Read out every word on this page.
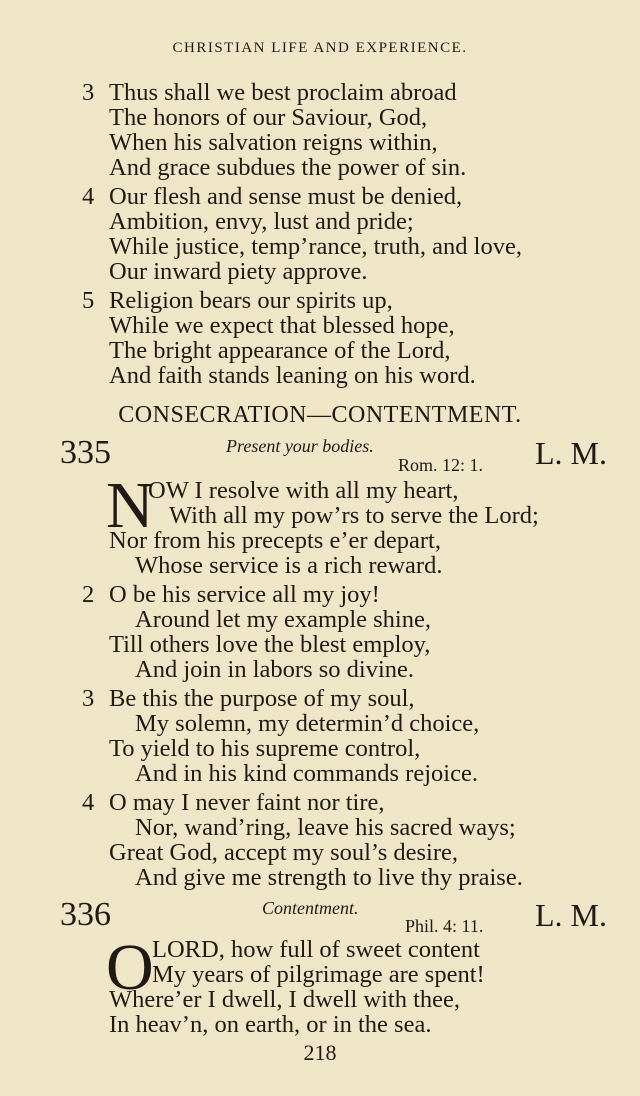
CHRISTIAN LIFE AND EXPERIENCE.
3 Thus shall we best proclaim abroad
The honors of our Saviour, God,
When his salvation reigns within,
And grace subdues the power of sin.
4 Our flesh and sense must be denied,
Ambition, envy, lust and pride;
While justice, temp’rance, truth, and love,
Our inward piety approve.
5 Religion bears our spirits up,
While we expect that blessed hope,
The bright appearance of the Lord,
And faith stands leaning on his word.
CONSECRATION—CONTENTMENT.
335	Present your bodies.
Rom. 12: 1. L. M.
N
OW I resolve with all my heart,
With all my pow’rs to serve the Lord;
Nor from his precepts e’er depart,
Whose service is a rich reward.
2 O be his service all my joy!
Around let my example shine,
Till others love the blest employ,
And join in labors so divine.
3 Be this the purpose of my soul,
My solemn, my determin’d choice,
To yield to his supreme control,
And in his kind commands rejoice.
4 O may I never faint nor tire,
Nor, wand’ring, leave his sacred ways;
Great God, accept my soul’s desire,
And give me strength to live thy praise.
336	Contentment.
Phil. 4: 11. L. M.
O
LORD, how full of sweet content
My years of pilgrimage are spent!
Where’er I dwell, I dwell with thee,
In heav’n, on earth, or in the sea.
218
